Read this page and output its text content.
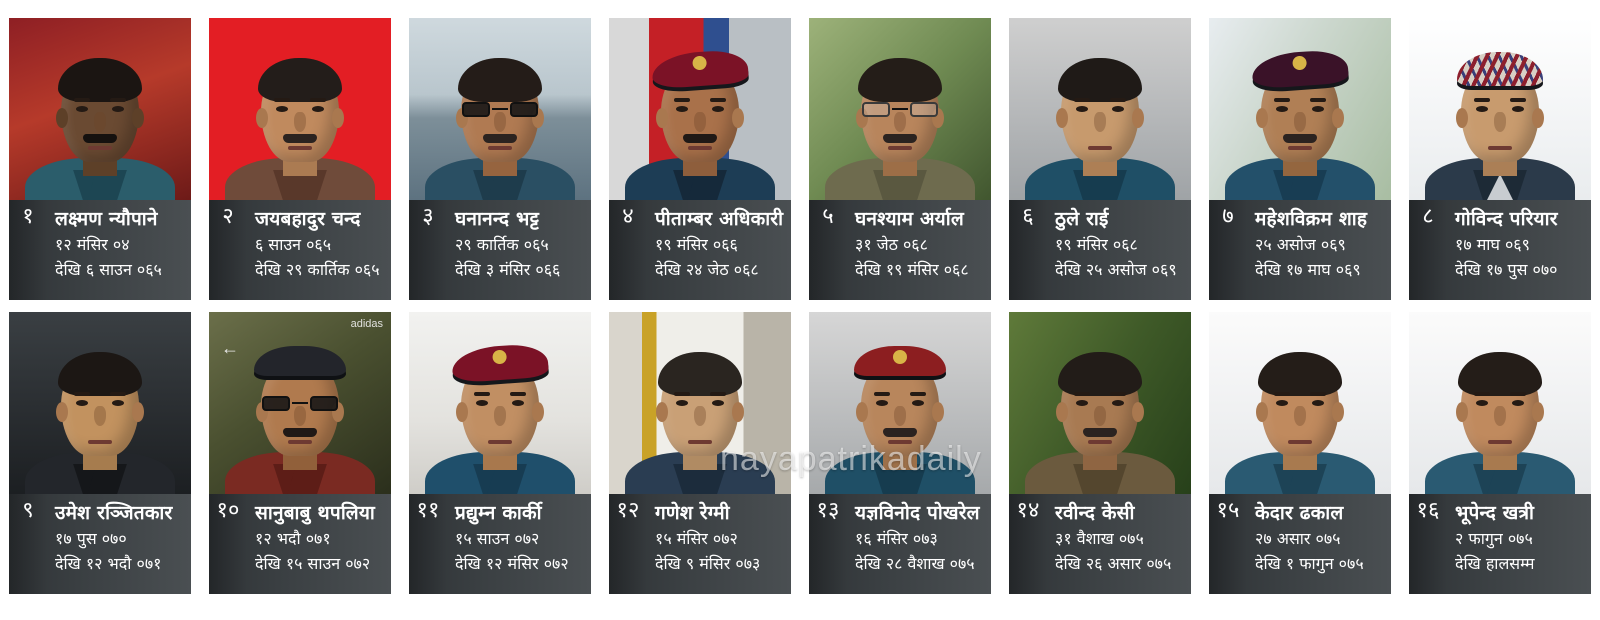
१	लक्ष्मण न्यौपाने
१२ मंसिर ०४
देखि ६ साउन ०६५
२	जयबहादुर चन्द
६ साउन ०६५
देखि २९ कार्तिक ०६५
३	घनानन्द भट्ट
२९ कार्तिक ०६५
देखि ३ मंसिर ०६६
४	पीताम्बर अधिकारी
१९ मंसिर ०६६
देखि २४ जेठ ०६८
५	घनश्याम अर्याल
३१ जेठ ०६८
देखि १९ मंसिर ०६८
६	ठुले राई
१९ मंसिर ०६८
देखि २५ असोज ०६९
७	महेशविक्रम शाह
२५ असोज ०६९
देखि १७ माघ ०६९
८	गोविन्द परियार
१७ माघ ०६९
देखि १७ पुस ०७०
९	उमेश रञ्जितकार
१७ पुस ०७०
देखि १२ भदौ ०७१
←
adidas
१० सानुबाबु थपलिया
१२ भदौ ०७१
देखि १५ साउन ०७२
११ प्रद्युम्न कार्की
१५ साउन ०७२
देखि १२ मंसिर ०७२
१२ गणेश रेग्मी
१५ मंसिर ०७२
देखि ९ मंसिर ०७३
१३ यज्ञविनोद पोखरेल
१६ मंसिर ०७३
देखि २८ वैशाख ०७५
१४ रवीन्द केसी
३१ वैशाख ०७५
देखि २६ असार ०७५
१५ केदार ढकाल
२७ असार ०७५
देखि १ फागुन ०७५
१६ भूपेन्द खत्री
२ फागुन ०७५
देखि हालसम्म
nayapatrikadaily
